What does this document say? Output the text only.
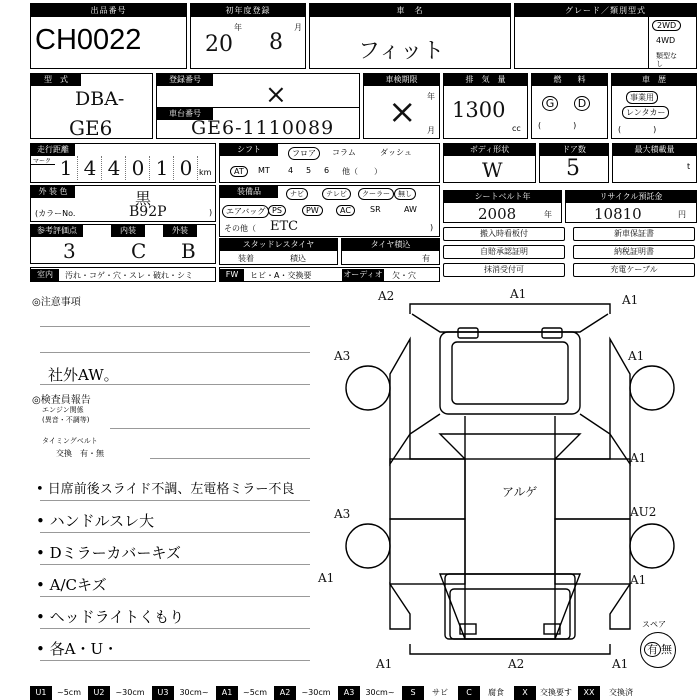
出品番号
CH0022
初年度登録
年	月
20 8
車　名
フィット
グレード／類別型式
2WD
4WD
類型なし
型　式
DBA-
GE6
登録番号
×
車台番号
GE6-1110089
車検期限
年
月
×
排　気　量
1300
cc
燃　　料
G	D
(　　　　)
車　歴
事業用
レンタカー
(　　　　)
走行距離
マーク 1 4 4 0 1 0 km
シフト	フロア	コラム	ダッシュ
AT	MT 4 5 6 他（　　）
ボディ形状
W
ドア数
5
最大積載量
t
外 装 色	黒
(カラーNo.	B92P	)
装備品	ナビ	テレビ	クーラー	無し
エアバッグ PS	PW	AC	SR	AW
その他（ ETC	)
シートベルト年
2008	年
リサイクル預託金
10810	円
参考評価点	内装	外装
3	C B	スタッドレスタイヤ
装着	積込
タイヤ積込
有
搬入時看板付	新車保証書
自賠承認証明	納税証明書
抹消受付可	充電ケーブル
室内	汚れ・コゲ・穴・スレ・破れ・シミ	FW	ヒビ・A・交換要	オーディオ 欠・穴
◎注意事項
社外AW。
◎検査員報告
エンジン関係
(異音・不調等)
タイミングベルト
交換　有・無
• 日席前後スライド不調、左電格ミラー不良
• ハンドルスレ大
• Dミラーカバーキズ
• A/Cキズ
• ヘッドライトくもり
• 各A・U・
A2	A1	A1
A3	A1
A1
アルゲ
A3	AU2
A1	A1
A1	A2	A1
スペア
有 無
U1	~5cm	U2	~30cm	U3	30cm~	A1	~5cm	A2	~30cm	A3	30cm~	S	サビ	C	腐食	X	交換要す	XX	交換済
